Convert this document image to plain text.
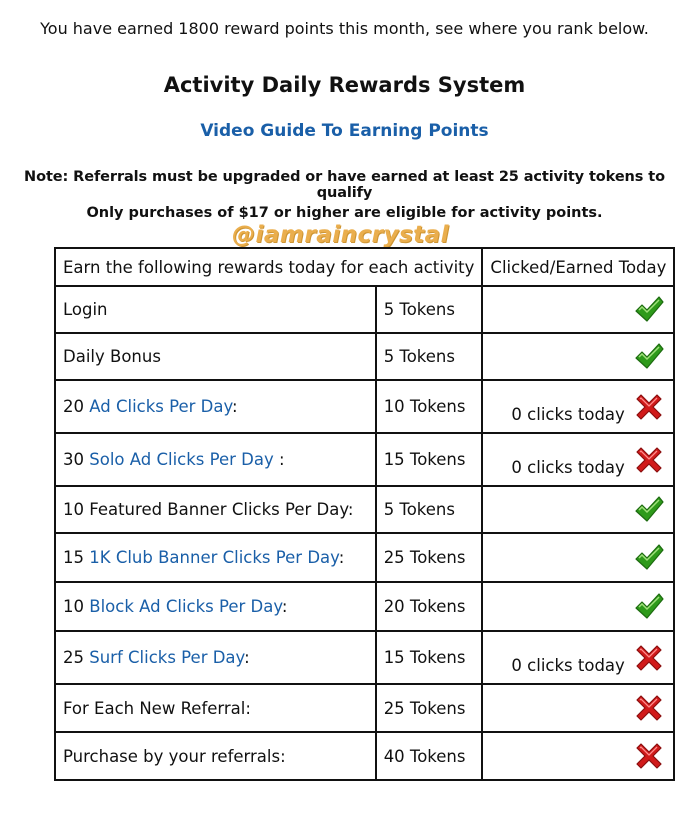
You have earned 1800 reward points this month, see where you rank below.
Activity Daily Rewards System
Video Guide To Earning Points
Note: Referrals must be upgraded or have earned at least 25 activity tokens to qualify
Only purchases of $17 or higher are eligible for activity points.
@iamraincrystal
Earn the following rewards today for each activity		Clicked/Earned Today
Login	5 Tokens	

Daily Bonus	5 Tokens	

20 Ad Clicks Per Day:	10 Tokens	0 clicks today

30 Solo Ad Clicks Per Day :	15 Tokens	0 clicks today

10 Featured Banner Clicks Per Day:	5 Tokens	

15 1K Club Banner Clicks Per Day:	25 Tokens	

10 Block Ad Clicks Per Day:	20 Tokens	

25 Surf Clicks Per Day:	15 Tokens	0 clicks today

For Each New Referral:	25 Tokens	

Purchase by your referrals:	40 Tokens	
